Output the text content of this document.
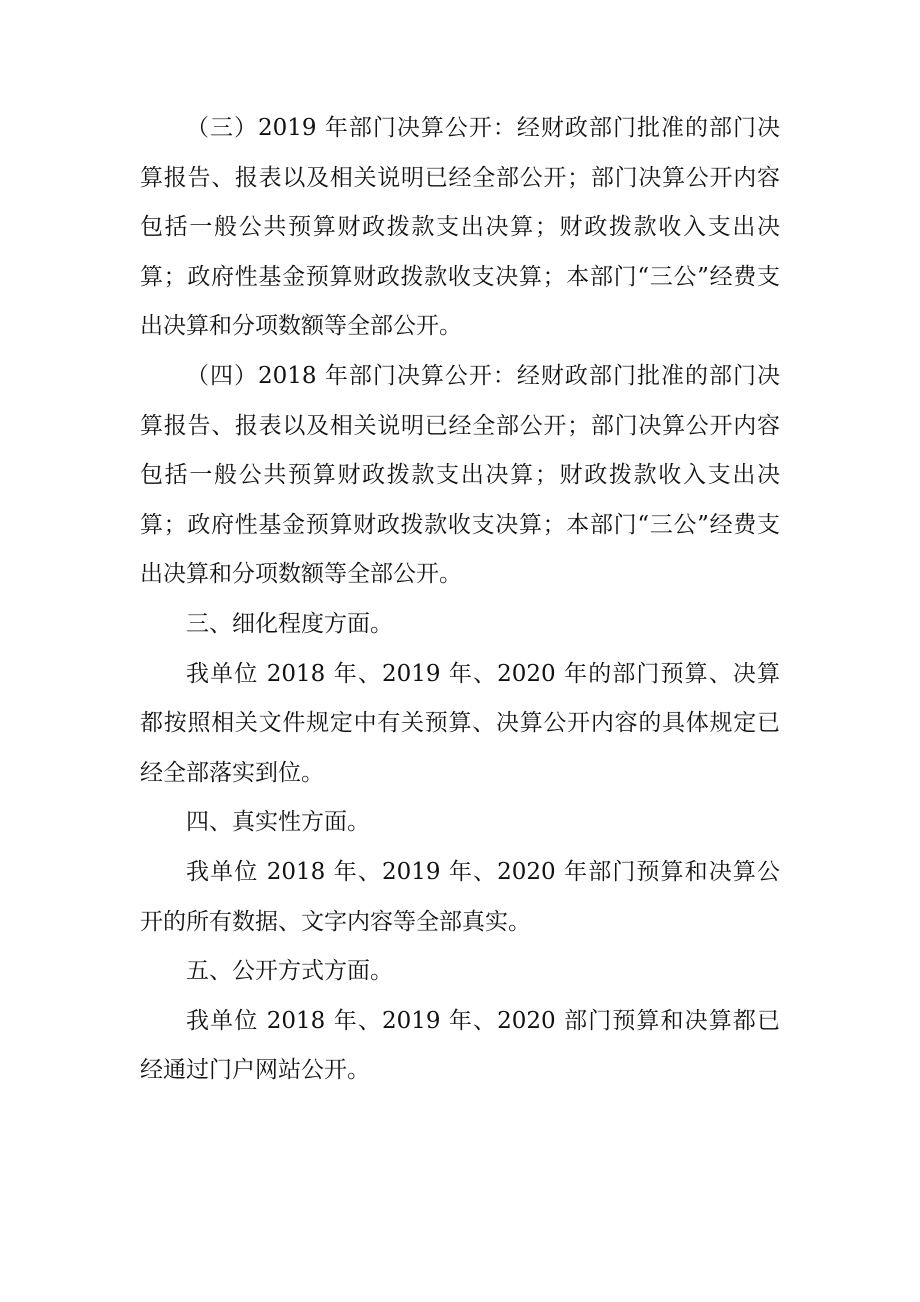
（三）2019 年部门决算公开：经财政部门批准的部门决算报告、报表以及相关说明已经全部公开；部门决算公开内容包括一般公共预算财政拨款支出决算；财政拨款收入支出决算；政府性基金预算财政拨款收支决算；本部门“三公”经费支出决算和分项数额等全部公开。

（四）2018 年部门决算公开：经财政部门批准的部门决算报告、报表以及相关说明已经全部公开；部门决算公开内容包括一般公共预算财政拨款支出决算；财政拨款收入支出决算；政府性基金预算财政拨款收支决算；本部门“三公”经费支出决算和分项数额等全部公开。

三、细化程度方面。

我单位 2018 年、2019 年、2020 年的部门预算、决算都按照相关文件规定中有关预算、决算公开内容的具体规定已经全部落实到位。

四、真实性方面。

我单位 2018 年、2019 年、2020 年部门预算和决算公开的所有数据、文字内容等全部真实。

五、公开方式方面。

我单位 2018 年、2019 年、2020 部门预算和决算都已经通过门户网站公开。
